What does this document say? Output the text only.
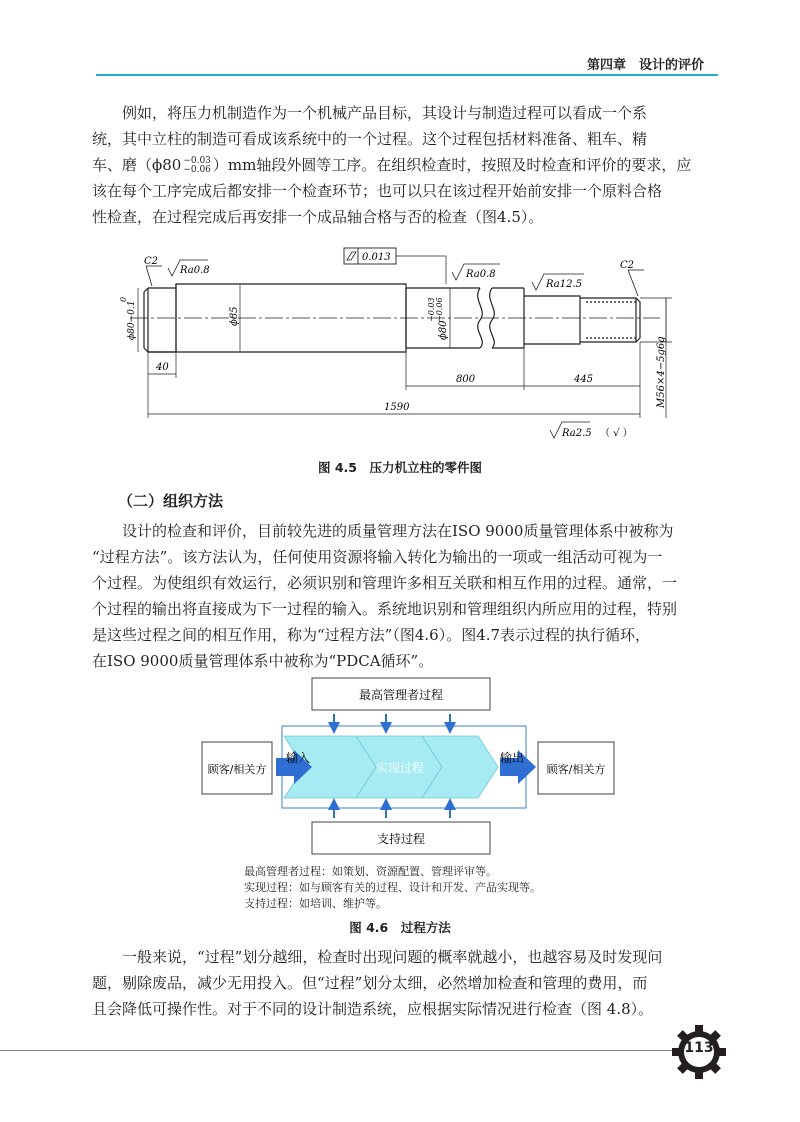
第四章　设计的评价

例如，将压力机制造作为一个机械产品目标，其设计与制造过程可以看成一个系

统，其中立柱的制造可看成该系统中的一个过程。这个过程包括材料准备、粗车、精
车、磨（ϕ80 −0.03
−0.06 ）mm轴段外圆等工序。在组织检查时，按照及时检查和评价的要求，应
该在每个工序完成后都安排一个检查环节；也可以只在该过程开始前安排一个原料合格
性检查，在过程完成后再安排一个成品轴合格与否的检查（图4.5）。
C2
Ra0.8
0.013
Ra0.8
Ra12.5
C2
ϕ80−0.1
0
ϕ85
ϕ80
−0.03 −0.06
M56×4−5g6g
40
800	445
1590
Ra2.5 （ √ ）
图 4.5　压力机立柱的零件图
（二）组织方法

设计的检查和评价，目前较先进的质量管理方法在ISO 9000质量管理体系中被称为

“过程方法”。该方法认为，任何使用资源将输入转化为输出的一项或一组活动可视为一
个过程。为使组织有效运行，必须识别和管理许多相互关联和相互作用的过程。通常，一
个过程的输出将直接成为下一过程的输入。系统地识别和管理组织内所应用的过程，特别
是这些过程之间的相互作用，称为“过程方法”（图4.6）。图4.7表示过程的执行循环，
在ISO 9000质量管理体系中被称为“PDCA循环”。
最高管理者过程
实现过程
顾客/相关方	顾客/相关方
输入	输出
支持过程
最高管理者过程：如策划、资源配置、管理评审等。
实现过程：如与顾客有关的过程、设计和开发、产品实现等。
支持过程：如培训、维护等。
图 4.6　过程方法

一般来说，“过程”划分越细，检查时出现问题的概率就越小，也越容易及时发现问

题，剔除废品，减少无用投入。但“过程”划分太细，必然增加检查和管理的费用，而
且会降低可操作性。对于不同的设计制造系统，应根据实际情况进行检查（图 4.8）。
113
